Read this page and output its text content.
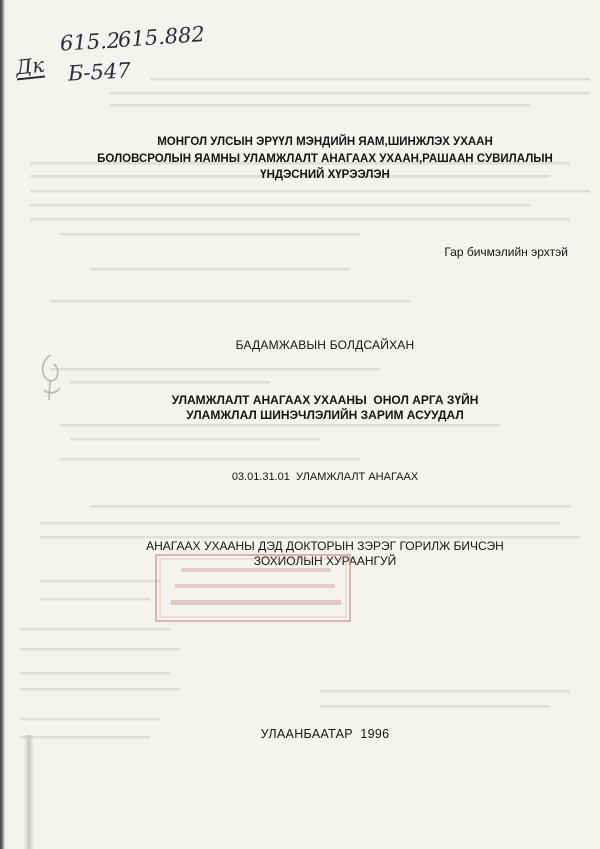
615.2
615.882
Дк Б-547
МОНГОЛ УЛСЫН ЭРҮҮЛ МЭНДИЙН ЯАМ,ШИНЖЛЭХ УХААН
БОЛОВСРОЛЫН ЯАМНЫ УЛАМЖЛАЛТ АНАГААХ УХААН,РАШААН СУВИЛАЛЫН
ҮНДЭСНИЙ ХҮРЭЭЛЭН
Гар бичмэлийн эрхтэй
БАДАМЖАВЫН БОЛДСАЙХАН
УЛАМЖЛАЛТ АНАГААХ УХААНЫ  ОНОЛ АРГА ЗҮЙН
УЛАМЖЛАЛ ШИНЭЧЛЭЛИЙН ЗАРИМ АСУУДАЛ
03.01.31.01  УЛАМЖЛАЛТ АНАГААХ
АНАГААХ УХААНЫ ДЭД ДОКТОРЫН ЗЭРЭГ ГОРИЛЖ БИЧСЭН
ЗОХИОЛЫН ХУРААНГУЙ
УЛААНБААТАР  1996
